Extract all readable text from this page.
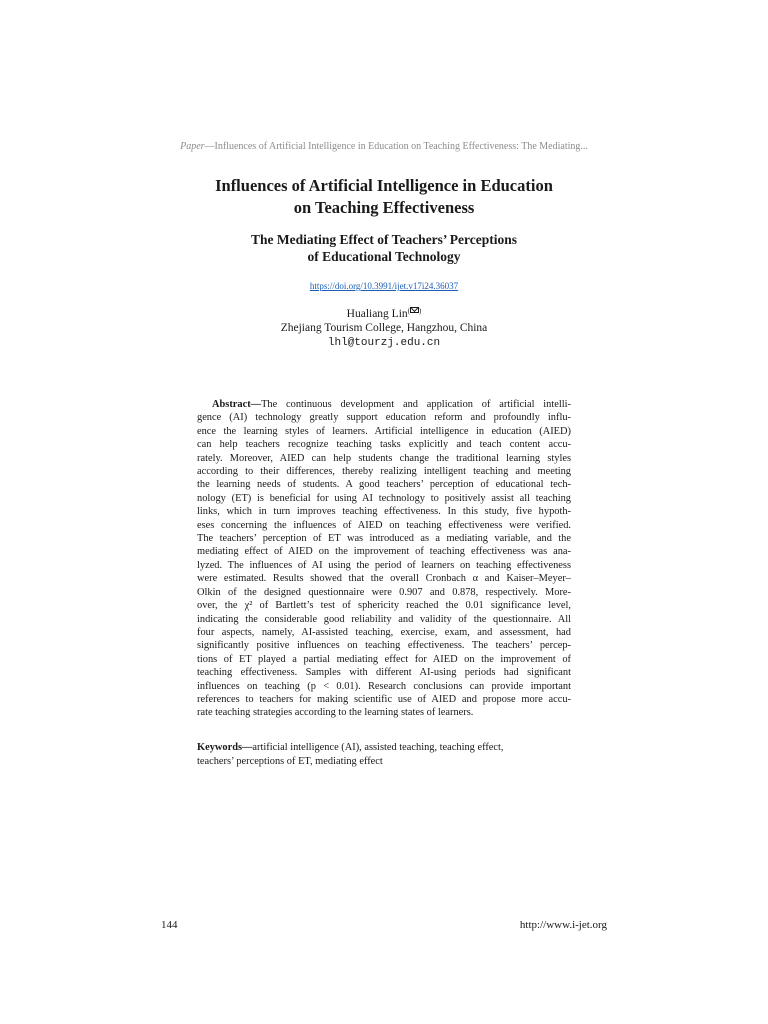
Paper—Influences of Artificial Intelligence in Education on Teaching Effectiveness: The Mediating...
Influences of Artificial Intelligence in Education
on Teaching Effectiveness
The Mediating Effect of Teachers’ Perceptions
of Educational Technology
https://doi.org/10.3991/ijet.v17i24.36037
Hualiang Lin( )
Zhejiang Tourism College, Hangzhou, China
lhl@tourzj.edu.cn
Abstract—The continuous development and application of artificial intelli-
gence (AI) technology greatly support education reform and profoundly influ-
ence the learning styles of learners. Artificial intelligence in education (AIED)
can help teachers recognize teaching tasks explicitly and teach content accu-
rately. Moreover, AIED can help students change the traditional learning styles
according to their differences, thereby realizing intelligent teaching and meeting
the learning needs of students. A good teachers’ perception of educational tech-
nology (ET) is beneficial for using AI technology to positively assist all teaching
links, which in turn improves teaching effectiveness. In this study, five hypoth-
eses concerning the influences of AIED on teaching effectiveness were verified.
The teachers’ perception of ET was introduced as a mediating variable, and the
mediating effect of AIED on the improvement of teaching effectiveness was ana-
lyzed. The influences of AI using the period of learners on teaching effectiveness
were estimated. Results showed that the overall Cronbach α and Kaiser–Meyer–
Olkin of the designed questionnaire were 0.907 and 0.878, respectively. More-
over, the χ² of Bartlett’s test of sphericity reached the 0.01 significance level,
indicating the considerable good reliability and validity of the questionnaire. All
four aspects, namely, AI-assisted teaching, exercise, exam, and assessment, had
significantly positive influences on teaching effectiveness. The teachers’ percep-
tions of ET played a partial mediating effect for AIED on the improvement of
teaching effectiveness. Samples with different AI-using periods had significant
influences on teaching (p < 0.01). Research conclusions can provide important
references to teachers for making scientific use of AIED and propose more accu-
rate teaching strategies according to the learning states of learners.
Keywords—artificial intelligence (AI), assisted teaching, teaching effect,
teachers’ perceptions of ET, mediating effect
144	http://www.i-jet.org
